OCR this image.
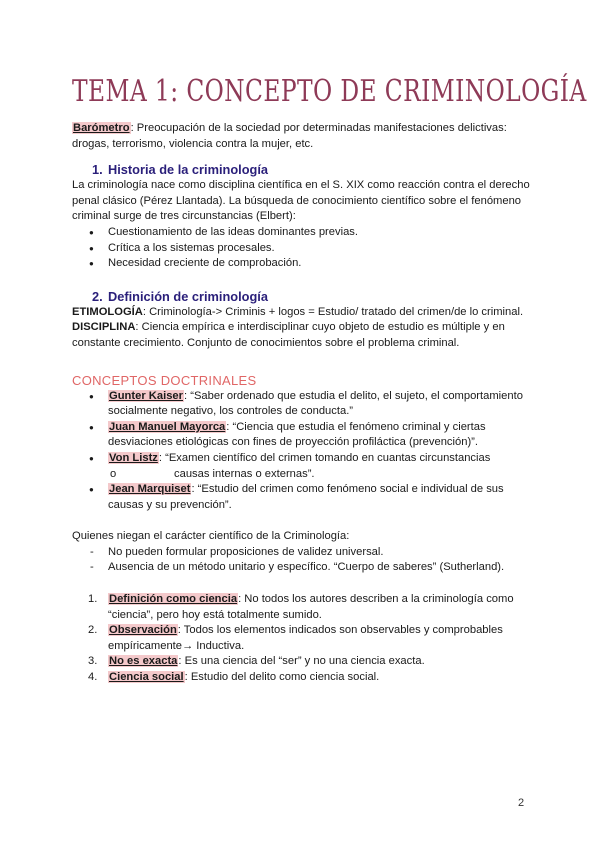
TEMA 1: CONCEPTO DE CRIMINOLOGÍA

Barómetro: Preocupación de la sociedad por determinadas manifestaciones delictivas: drogas, terrorismo, violencia contra la mujer, etc.

1. Historia de la criminología

La criminología nace como disciplina científica en el S. XIX como reacción contra el derecho penal clásico (Pérez Llantada). La búsqueda de conocimiento científico sobre el fenómeno criminal surge de tres circunstancias (Elbert):

● Cuestionamiento de las ideas dominantes previas.
● Crítica a los sistemas procesales.
● Necesidad creciente de comprobación.
2. Definición de criminología

ETIMOLOGÍA: Criminología-> Criminis + logos = Estudio/ tratado del crimen/de lo criminal.

DISCIPLINA: Ciencia empírica e interdisciplinar cuyo objeto de estudio es múltiple y en constante crecimiento. Conjunto de conocimientos sobre el problema criminal.

CONCEPTOS DOCTRINALES
● Gunter Kaiser: “Saber ordenado que estudia el delito, el sujeto, el comportamiento socialmente negativo, los controles de conducta.”
● Juan Manuel Mayorca: “Ciencia que estudia el fenómeno criminal y ciertas desviaciones etiológicas con fines de proyección profiláctica (prevención)”.
● Von Listz: “Examen científico del crimen tomando en cuantas circunstancias
o	causas internas o externas”.
● Jean Marquiset: “Estudio del crimen como fenómeno social e individual de sus causas y su prevención”.

Quienes niegan el carácter científico de la Criminología:

- No pueden formular proposiciones de validez universal.
- Ausencia de un método unitario y específico. “Cuerpo de saberes” (Sutherland).
1. Definición como ciencia: No todos los autores describen a la criminología como “ciencia”, pero hoy está totalmente sumido.
2. Observación: Todos los elementos indicados son observables y comprobables empíricamente→ Inductiva.
3. No es exacta: Es una ciencia del “ser” y no una ciencia exacta.
4. Ciencia social: Estudio del delito como ciencia social.
2
